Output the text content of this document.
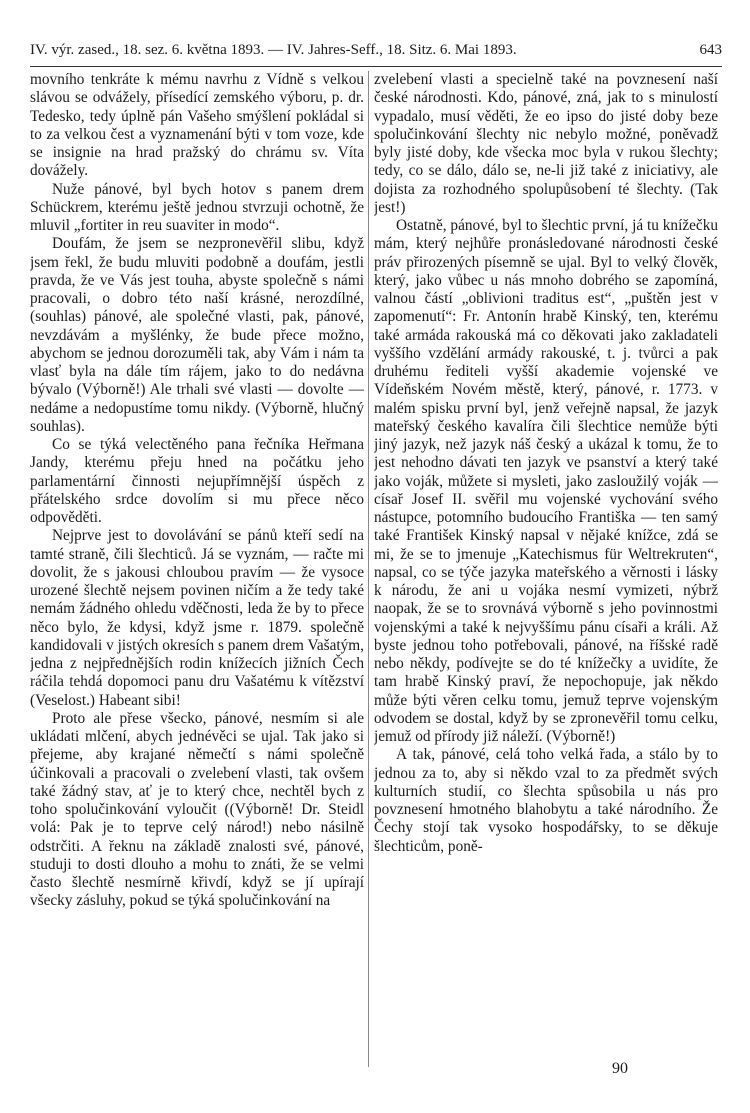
IV. výr. zased., 18. sez. 6. května 1893. — IV. Jahres-Seff., 18. Sitz. 6. Mai 1893.	643

movního tenkráte k mému navrhu z Vídně s velkou slávou se odvážely, přísedící zemského výboru, p. dr. Tedesko, tedy úplně pán Vašeho smýšlení pokládal si to za velkou čest a vyznamenání býti v tom voze, kde se insignie na hrad pražský do chrámu sv. Víta dovážely.

Nuže pánové, byl bych hotov s panem drem Schückrem, kterému ještě jednou stvrzuji ochotně, že mluvil „fortiter in reu suaviter in modo“.

Doufám, že jsem se nezpronevěřil slibu, když jsem řekl, že budu mluviti podobně a doufám, jestli pravda, že ve Vás jest touha, abyste společně s námi pracovali, o dobro této naší krásné, nerozdílné, (souhlas) pánové, ale společné vlasti, pak, pánové, nevzdávám a myšlénky, že bude přece možno, abychom se jednou dorozuměli tak, aby Vám i nám ta vlasť byla na dále tím rájem, jako to do nedávna bývalo (Výborně!) Ale trhali své vlasti — dovolte — nedáme a nedopustíme tomu nikdy. (Výborně, hlučný souhlas).

Co se týká velectěného pana řečníka Heřmana Jandy, kterému přeju hned na počátku jeho parlamentární činnosti nejupřímnější úspěch z přátelského srdce dovolím si mu přece něco odpověděti.

Nejprve jest to dovolávání se pánů kteří sedí na tamté straně, čili šlechticů. Já se vyznám, — račte mi dovolit, že s jakousi chloubou pravím — že vysoce urozené šlechtě nejsem povinen ničím a že tedy také nemám žádného ohledu vděčnosti, leda že by to přece něco bylo, že kdysi, když jsme r. 1879. společně kandidovali v jistých okresích s panem drem Vašatým, jedna z nejpřednějších rodin knížecích jižních Čech ráčila tehdá dopomoci panu dru Vašatému k vítězství (Veselost.) Habeant sibi!

Proto ale přese všecko, pánové, nesmím si ale ukládati mlčení, abych jednévěci se ujal. Tak jako si přejeme, aby krajané němečtí s námi společně účinkovali a pracovali o zvelebení vlasti, tak ovšem také žádný stav, ať je to který chce, nechtěl bych z toho spolučinkování vyloučit ((Výborně! Dr. Steidl volá: Pak je to teprve celý národ!) nebo násilně odstrčiti. A řeknu na základě znalosti své, pánové, studuji to dosti dlouho a mohu to znáti, že se velmi často šlechtě nesmírně křivdí, když se jí upírají všecky zásluhy, pokud se týká spolučinkování na

zvelebení vlasti a specielně také na povznesení naší české národnosti. Kdo, pánové, zná, jak to s minulostí vypadalo, musí věděti, že eo ipso do jisté doby beze spolučinkování šlechty nic nebylo možné, poněvadž byly jisté doby, kde všecka moc byla v rukou šlechty; tedy, co se dálo, dálo se, ne-li již také z iniciativy, ale dojista za rozhodného spolupůsobení té šlechty. (Tak jest!)

Ostatně, pánové, byl to šlechtic první, já tu knížečku mám, který nejhůře pronásledované národnosti české práv přirozených písemně se ujal. Byl to velký člověk, který, jako vůbec u nás mnoho dobrého se zapomíná, valnou částí „oblivioni traditus est“, „puštěn jest v zapomenutí“: Fr. Antonín hrabě Kinský, ten, kterému také armáda rakouská má co děkovati jako zakladateli vyššího vzdělání armády rakouské, t. j. tvůrci a pak druhému řediteli vyšší akademie vojenské ve Vídeňském Novém městě, který, pánové, r. 1773. v malém spisku první byl, jenž veřejně napsal, že jazyk mateřský českého kavalíra čili šlechtice nemůže býti jiný jazyk, než jazyk náš český a ukázal k tomu, že to jest nehodno dávati ten jazyk ve psanství a který také jako voják, můžete si mysleti, jako zasloužilý voják — císař Josef II. svěřil mu vojenské vychování svého nástupce, potomního budoucího Františka — ten samý také František Kinský napsal v nějaké knížce, zdá se mi, že se to jmenuje „Katechismus für Weltrekruten“, napsal, co se týče jazyka mateřského a věrnosti i lásky k národu, že ani u vojáka nesmí vymizeti, nýbrž naopak, že se to srovnává výborně s jeho povinnostmi vojenskými a také k nejvyššímu pánu císaři a králi. Až byste jednou toho potřebovali, pánové, na říšské radě nebo někdy, podívejte se do té knížečky a uvidíte, že tam hrabě Kinský praví, že nepochopuje, jak někdo může býti věren celku tomu, jemuž teprve vojenským odvodem se dostal, když by se zpronevěřil tomu celku, jemuž od přírody již náleží. (Výborně!)

A tak, pánové, celá toho velká řada, a stálo by to jednou za to, aby si někdo vzal to za předmět svých kulturních studií, co šlechta spůsobila u nás pro povznesení hmotného blahobytu a také národního. Že Čechy stojí tak vysoko hospodářsky, to se děkuje šlechticům, poně-

90
